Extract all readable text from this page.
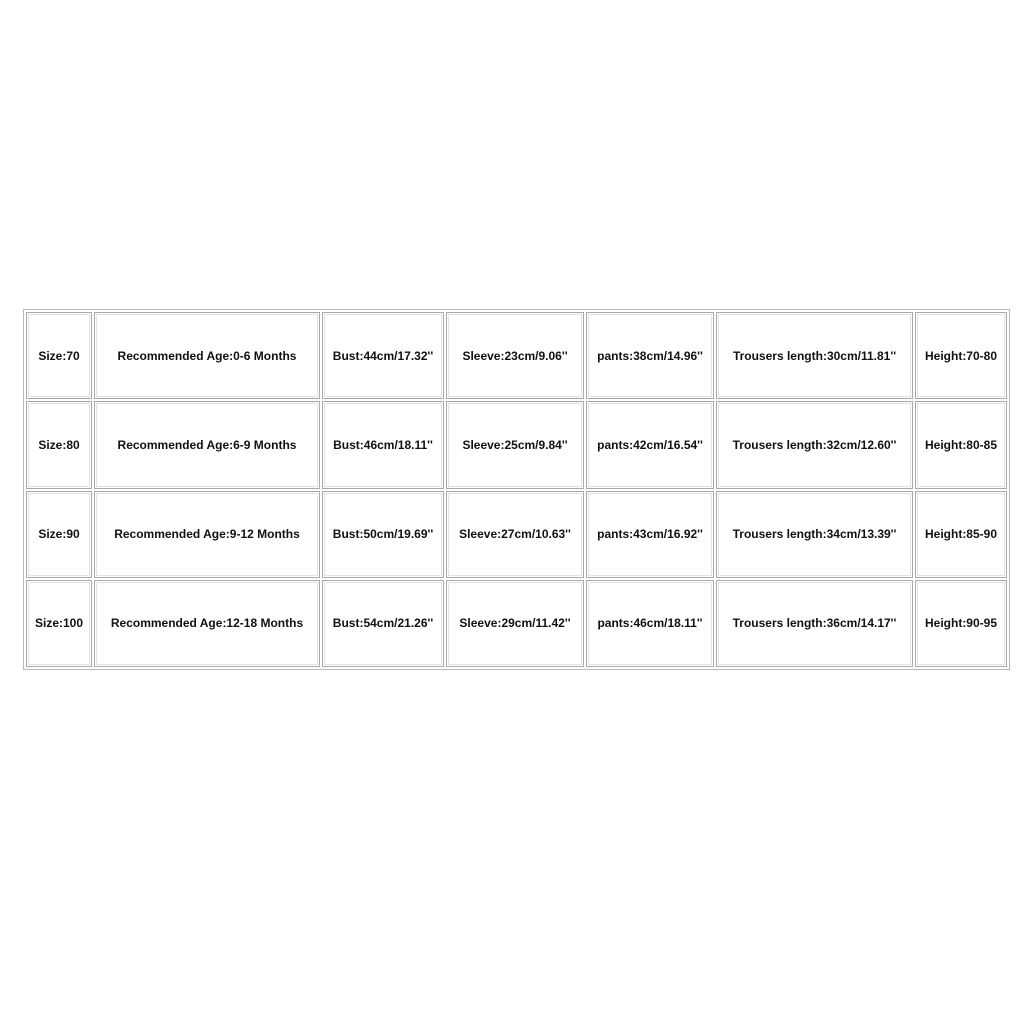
Size:70	Recommended Age:0-6 Months	Bust:44cm/17.32''	Sleeve:23cm/9.06''	pants:38cm/14.96''	Trousers length:30cm/11.81''	Height:70-80
Size:80	Recommended Age:6-9 Months	Bust:46cm/18.11''	Sleeve:25cm/9.84''	pants:42cm/16.54''	Trousers length:32cm/12.60''	Height:80-85
Size:90	Recommended Age:9-12 Months	Bust:50cm/19.69''	Sleeve:27cm/10.63''	pants:43cm/16.92''	Trousers length:34cm/13.39''	Height:85-90
Size:100	Recommended Age:12-18 Months	Bust:54cm/21.26''	Sleeve:29cm/11.42''	pants:46cm/18.11''	Trousers length:36cm/14.17''	Height:90-95
